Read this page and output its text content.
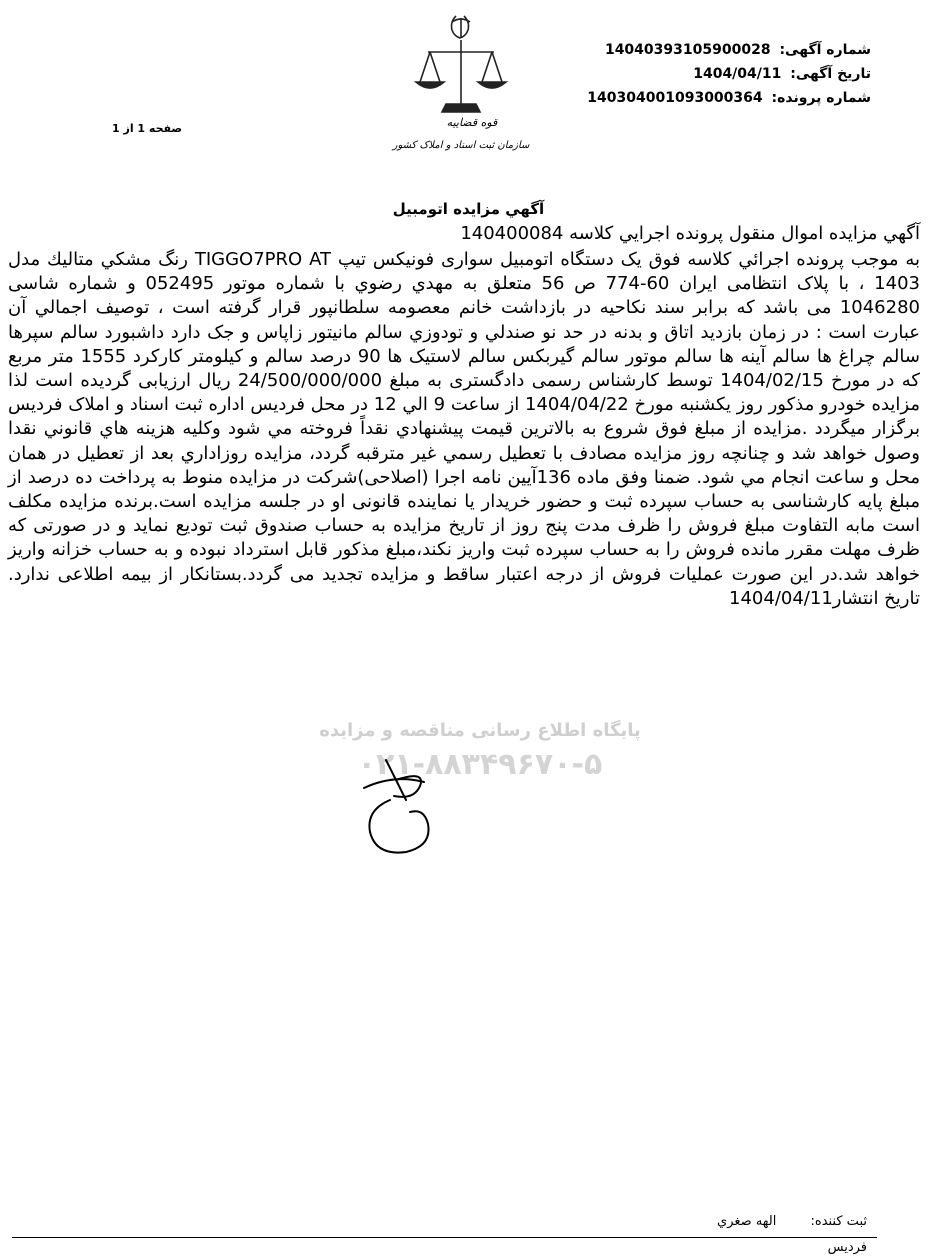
شماره آگهی: 14040393105900028
تاریخ آگهی: 1404/04/11
شماره پرونده: 140304001093000364
صفحه 1 از 1	قوه قضاییه
سازمان ثبت اسناد و املاک کشور
آگهي مزايده اتومبيل
پایگاه اطلاع رسانی مناقصه و مزایده
۰۲۱-۸۸۳۴۹۶۷۰-۵

آگهي مزايده اموال منقول پرونده اجرايي كلاسه 140400084

به موجب پرونده اجرائي كلاسه فوق یک دستگاه اتومبیل سواری فونیکس تیپ TIGGO7PRO AT رنگ مشكي متاليك مدل 1403 ، با پلاک انتظامی ایران 60-774 ص 56 متعلق به مهدي رضوي با شماره موتور 052495 و شماره شاسی 1046280 می باشد که برابر سند نکاحیه در بازداشت خانم معصومه سلطانپور قرار گرفته است ، توصيف اجمالي آن عبارت است : در زمان بازدید اتاق و بدنه در حد نو صندلي و تودوزي سالم مانيتور زاپاس و جک دارد داشبورد سالم سپرها سالم چراغ ها سالم آینه ها سالم موتور سالم گیربکس سالم لاستیک ها 90 درصد سالم و کیلومتر کارکرد 1555 متر مربع که در مورخ 1404/02/15 توسط کارشناس رسمی دادگستری به مبلغ 24/500/000/000 ریال ارزیابی گردیده است لذا مزايده خودرو مذكور روز يكشنبه مورخ 1404/04/22 از ساعت 9 الي 12 در محل فرديس اداره ثبت اسناد و املاک فرديس برگزار ميگردد .مزايده از مبلغ فوق شروع به بالاترين قيمت پيشنهادي نقداً فروخته مي شود وكليه هزينه هاي قانوني نقدا وصول خواهد شد و چنانچه روز مزايده مصادف با تعطيل رسمي غير مترقبه گردد، مزايده روزاداري بعد از تعطيل در همان محل و ساعت انجام مي شود. ضمنا وفق ماده 136آيين نامه اجرا (اصلاحی)شرکت در مزایده منوط به پرداخت ده درصد از مبلغ پایه کارشناسی به حساب سپرده ثبت و حضور خریدار یا نماینده قانونی او در جلسه مزایده است.برنده مزایده مکلف است مابه التفاوت مبلغ فروش را ظرف مدت پنج روز از تاریخ مزایده به حساب صندوق ثبت تودیع نماید و در صورتی که ظرف مهلت مقرر مانده فروش را به حساب سپرده ثبت واریز نکند،مبلغ مذکور قابل استرداد نبوده و به حساب خزانه واریز خواهد شد.در این صورت عملیات فروش از درجه اعتبار ساقط و مزایده تجدید می گردد.بستانکار از بیمه اطلاعی ندارد. تاریخ انتشار1404/04/11

ثبت کننده: الهه صغري
فرديس
